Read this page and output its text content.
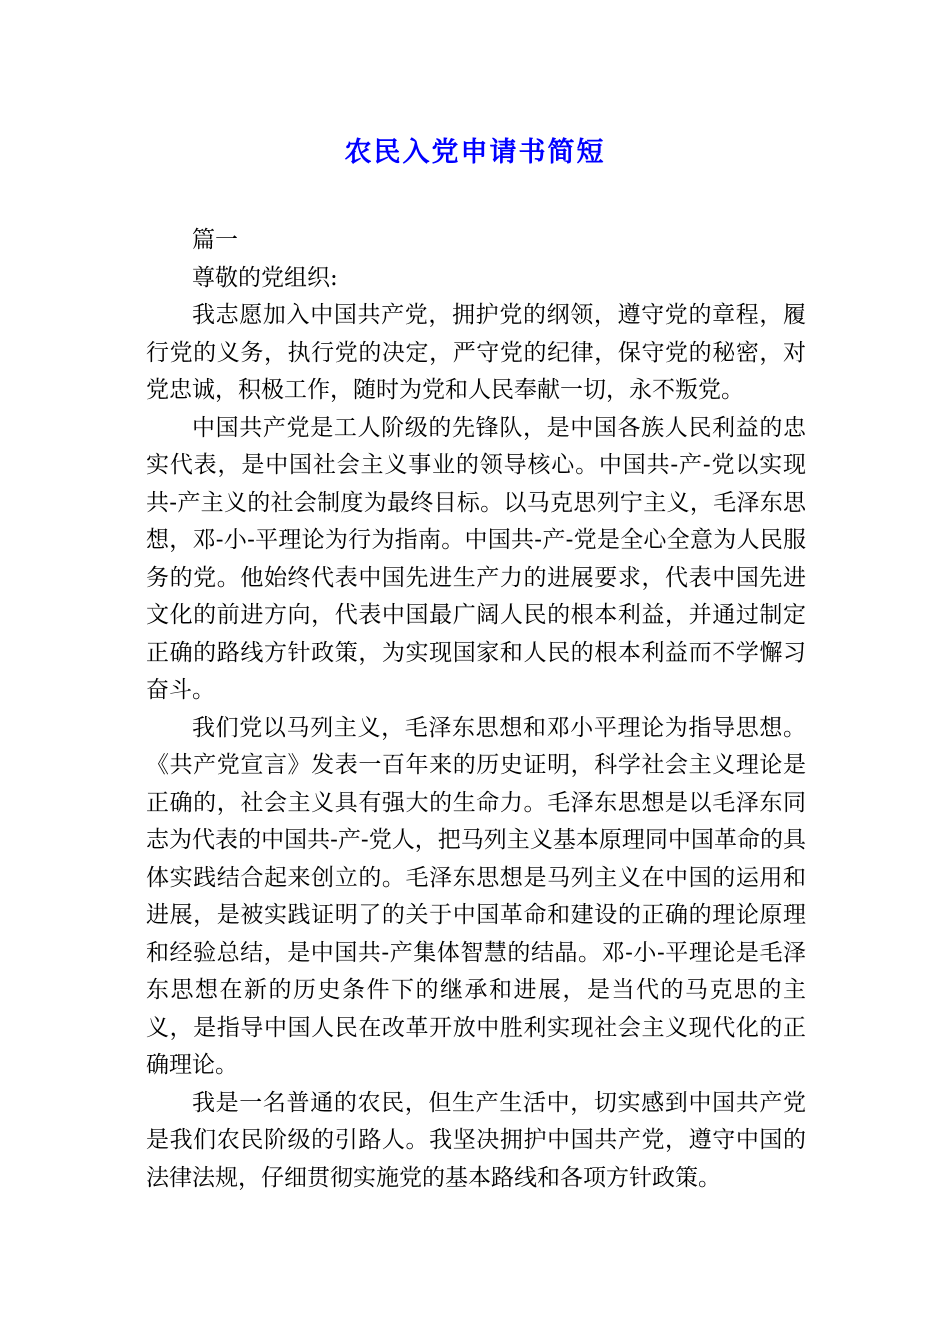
农民入党申请书简短

篇一

尊敬的党组织:

我志愿加入中国共产党，拥护党的纲领，遵守党的章程，履行党的义务，执行党的决定，严守党的纪律，保守党的秘密，对党忠诚，积极工作，随时为党和人民奉献一切，永不叛党。

中国共产党是工人阶级的先锋队，是中国各族人民利益的忠实代表，是中国社会主义事业的领导核心。中国共-产-党以实现共-产主义的社会制度为最终目标。以马克思列宁主义，毛泽东思想，邓-小-平理论为行为指南。中国共-产-党是全心全意为人民服务的党。他始终代表中国先进生产力的进展要求，代表中国先进文化的前进方向，代表中国最广阔人民的根本利益，并通过制定正确的路线方针政策，为实现国家和人民的根本利益而不学懈习奋斗。

我们党以马列主义，毛泽东思想和邓小平理论为指导思想。《共产党宣言》发表一百年来的历史证明，科学社会主义理论是正确的，社会主义具有强大的生命力。毛泽东思想是以毛泽东同志为代表的中国共-产-党人，把马列主义基本原理同中国革命的具体实践结合起来创立的。毛泽东思想是马列主义在中国的运用和进展，是被实践证明了的关于中国革命和建设的正确的理论原理和经验总结，是中国共-产集体智慧的结晶。邓-小-平理论是毛泽东思想在新的历史条件下的继承和进展，是当代的马克思的主义，是指导中国人民在改革开放中胜利实现社会主义现代化的正确理论。

我是一名普通的农民，但生产生活中，切实感到中国共产党是我们农民阶级的引路人。我坚决拥护中国共产党，遵守中国的法律法规，仔细贯彻实施党的基本路线和各项方针政策。
